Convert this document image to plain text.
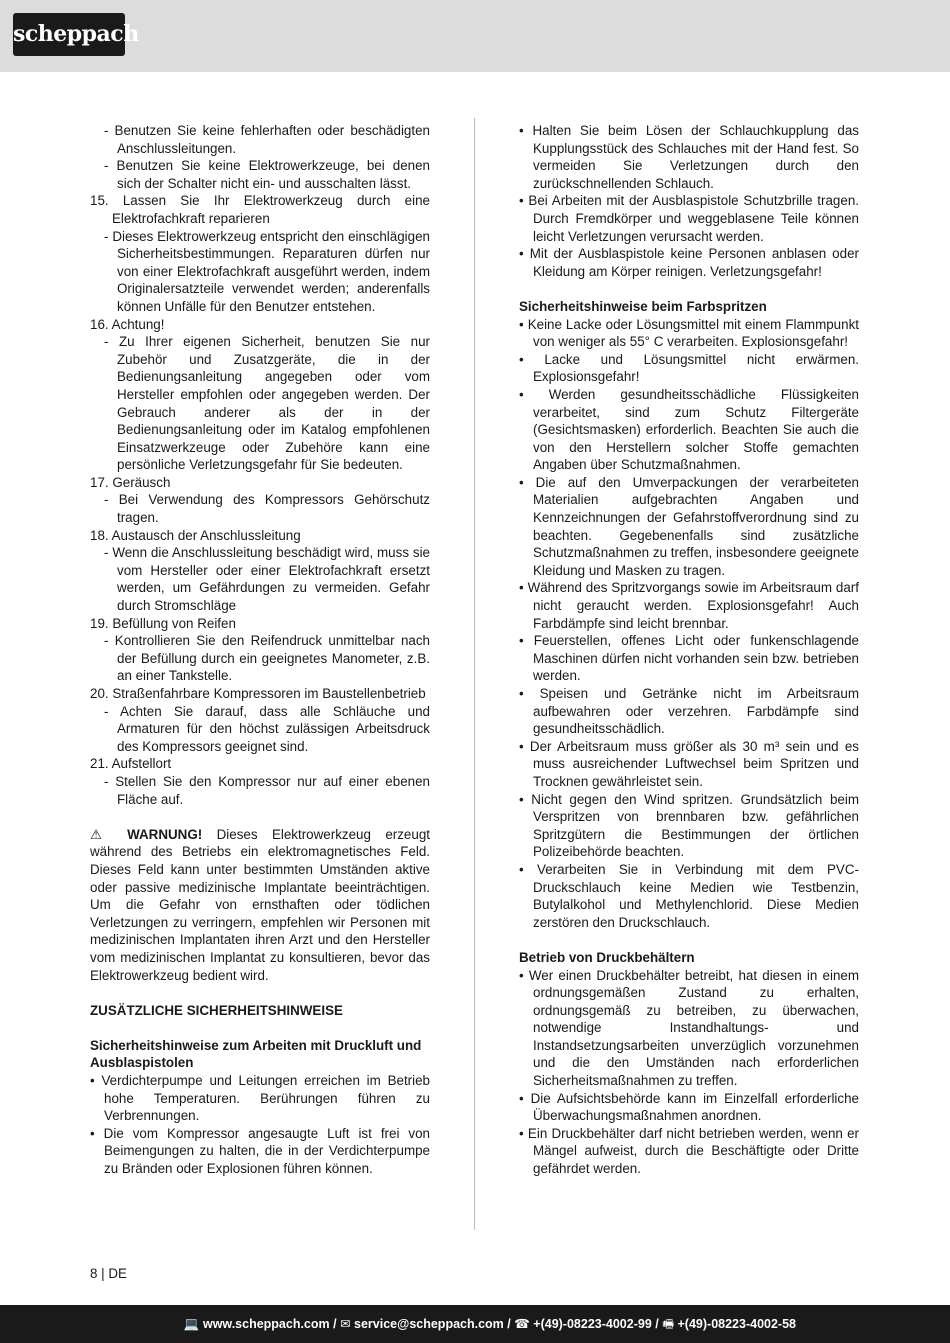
scheppach

- Benutzen Sie keine fehlerhaften oder beschädigten Anschlussleitungen.

- Benutzen Sie keine Elektrowerkzeuge, bei denen sich der Schalter nicht ein- und ausschalten lässt.

15. Lassen Sie Ihr Elektrowerkzeug durch eine Elektrofachkraft reparieren

- Dieses Elektrowerkzeug entspricht den einschlägigen Sicherheitsbestimmungen. Reparaturen dürfen nur von einer Elektrofachkraft ausgeführt werden, indem Originalersatzteile verwendet werden; anderenfalls können Unfälle für den Benutzer entstehen.

16. Achtung!

- Zu Ihrer eigenen Sicherheit, benutzen Sie nur Zubehör und Zusatzgeräte, die in der Bedienungsanleitung angegeben oder vom Hersteller empfohlen oder angegeben werden. Der Gebrauch anderer als der in der Bedienungsanleitung oder im Katalog empfohlenen Einsatzwerkzeuge oder Zubehöre kann eine persönliche Verletzungsgefahr für Sie bedeuten.

17. Geräusch

- Bei Verwendung des Kompressors Gehörschutz tragen.

18. Austausch der Anschlussleitung

- Wenn die Anschlussleitung beschädigt wird, muss sie vom Hersteller oder einer Elektrofachkraft ersetzt werden, um Gefährdungen zu vermeiden. Gefahr durch Stromschläge

19. Befüllung von Reifen

- Kontrollieren Sie den Reifendruck unmittelbar nach der Befüllung durch ein geeignetes Manometer, z.B. an einer Tankstelle.

20. Straßenfahrbare Kompressoren im Baustellenbetrieb

- Achten Sie darauf, dass alle Schläuche und Armaturen für den höchst zulässigen Arbeitsdruck des Kompressors geeignet sind.

21. Aufstellort

- Stellen Sie den Kompressor nur auf einer ebenen Fläche auf.

⚠ WARNUNG! Dieses Elektrowerkzeug erzeugt während des Betriebs ein elektromagnetisches Feld. Dieses Feld kann unter bestimmten Umständen aktive oder passive medizinische Implantate beeinträchtigen. Um die Gefahr von ernsthaften oder tödlichen Verletzungen zu verringern, empfehlen wir Personen mit medizinischen Implantaten ihren Arzt und den Hersteller vom medizinischen Implantat zu konsultieren, bevor das Elektrowerkzeug bedient wird.

ZUSÄTZLICHE SICHERHEITSHINWEISE

Sicherheitshinweise zum Arbeiten mit Druckluft und Ausblaspistolen

• Verdichterpumpe und Leitungen erreichen im Betrieb hohe Temperaturen. Berührungen führen zu Verbrennungen.

• Die vom Kompressor angesaugte Luft ist frei von Beimengungen zu halten, die in der Verdichterpumpe zu Bränden oder Explosionen führen können.

• Halten Sie beim Lösen der Schlauchkupplung das Kupplungsstück des Schlauches mit der Hand fest. So vermeiden Sie Verletzungen durch den zurückschnellenden Schlauch.

• Bei Arbeiten mit der Ausblaspistole Schutzbrille tragen. Durch Fremdkörper und weggeblasene Teile können leicht Verletzungen verursacht werden.

• Mit der Ausblaspistole keine Personen anblasen oder Kleidung am Körper reinigen. Verletzungsgefahr!

Sicherheitshinweise beim Farbspritzen

• Keine Lacke oder Lösungsmittel mit einem Flammpunkt von weniger als 55° C verarbeiten. Explosionsgefahr!

• Lacke und Lösungsmittel nicht erwärmen. Explosionsgefahr!

• Werden gesundheitsschädliche Flüssigkeiten verarbeitet, sind zum Schutz Filtergeräte (Gesichtsmasken) erforderlich. Beachten Sie auch die von den Herstellern solcher Stoffe gemachten Angaben über Schutzmaßnahmen.

• Die auf den Umverpackungen der verarbeiteten Materialien aufgebrachten Angaben und Kennzeichnungen der Gefahrstoffverordnung sind zu beachten. Gegebenenfalls sind zusätzliche Schutzmaßnahmen zu treffen, insbesondere geeignete Kleidung und Masken zu tragen.

• Während des Spritzvorgangs sowie im Arbeitsraum darf nicht geraucht werden. Explosionsgefahr! Auch Farbdämpfe sind leicht brennbar.

• Feuerstellen, offenes Licht oder funkenschlagende Maschinen dürfen nicht vorhanden sein bzw. betrieben werden.

• Speisen und Getränke nicht im Arbeitsraum aufbewahren oder verzehren. Farbdämpfe sind gesundheitsschädlich.

• Der Arbeitsraum muss größer als 30 m³ sein und es muss ausreichender Luftwechsel beim Spritzen und Trocknen gewährleistet sein.

• Nicht gegen den Wind spritzen. Grundsätzlich beim Verspritzen von brennbaren bzw. gefährlichen Spritzgütern die Bestimmungen der örtlichen Polizeibehörde beachten.

• Verarbeiten Sie in Verbindung mit dem PVC-Druckschlauch keine Medien wie Testbenzin, Butylalkohol und Methylenchlorid. Diese Medien zerstören den Druckschlauch.

Betrieb von Druckbehältern

• Wer einen Druckbehälter betreibt, hat diesen in einem ordnungsgemäßen Zustand zu erhalten, ordnungsgemäß zu betreiben, zu überwachen, notwendige Instandhaltungs- und Instandsetzungsarbeiten unverzüglich vorzunehmen und die den Umständen nach erforderlichen Sicherheitsmaßnahmen zu treffen.

• Die Aufsichtsbehörde kann im Einzelfall erforderliche Überwachungsmaßnahmen anordnen.

• Ein Druckbehälter darf nicht betrieben werden, wenn er Mängel aufweist, durch die Beschäftigte oder Dritte gefährdet werden.

8 | DE
💻 www.scheppach.com / ✉ service@scheppach.com / ☎ +(49)-08223-4002-99 / 🖷 +(49)-08223-4002-58
